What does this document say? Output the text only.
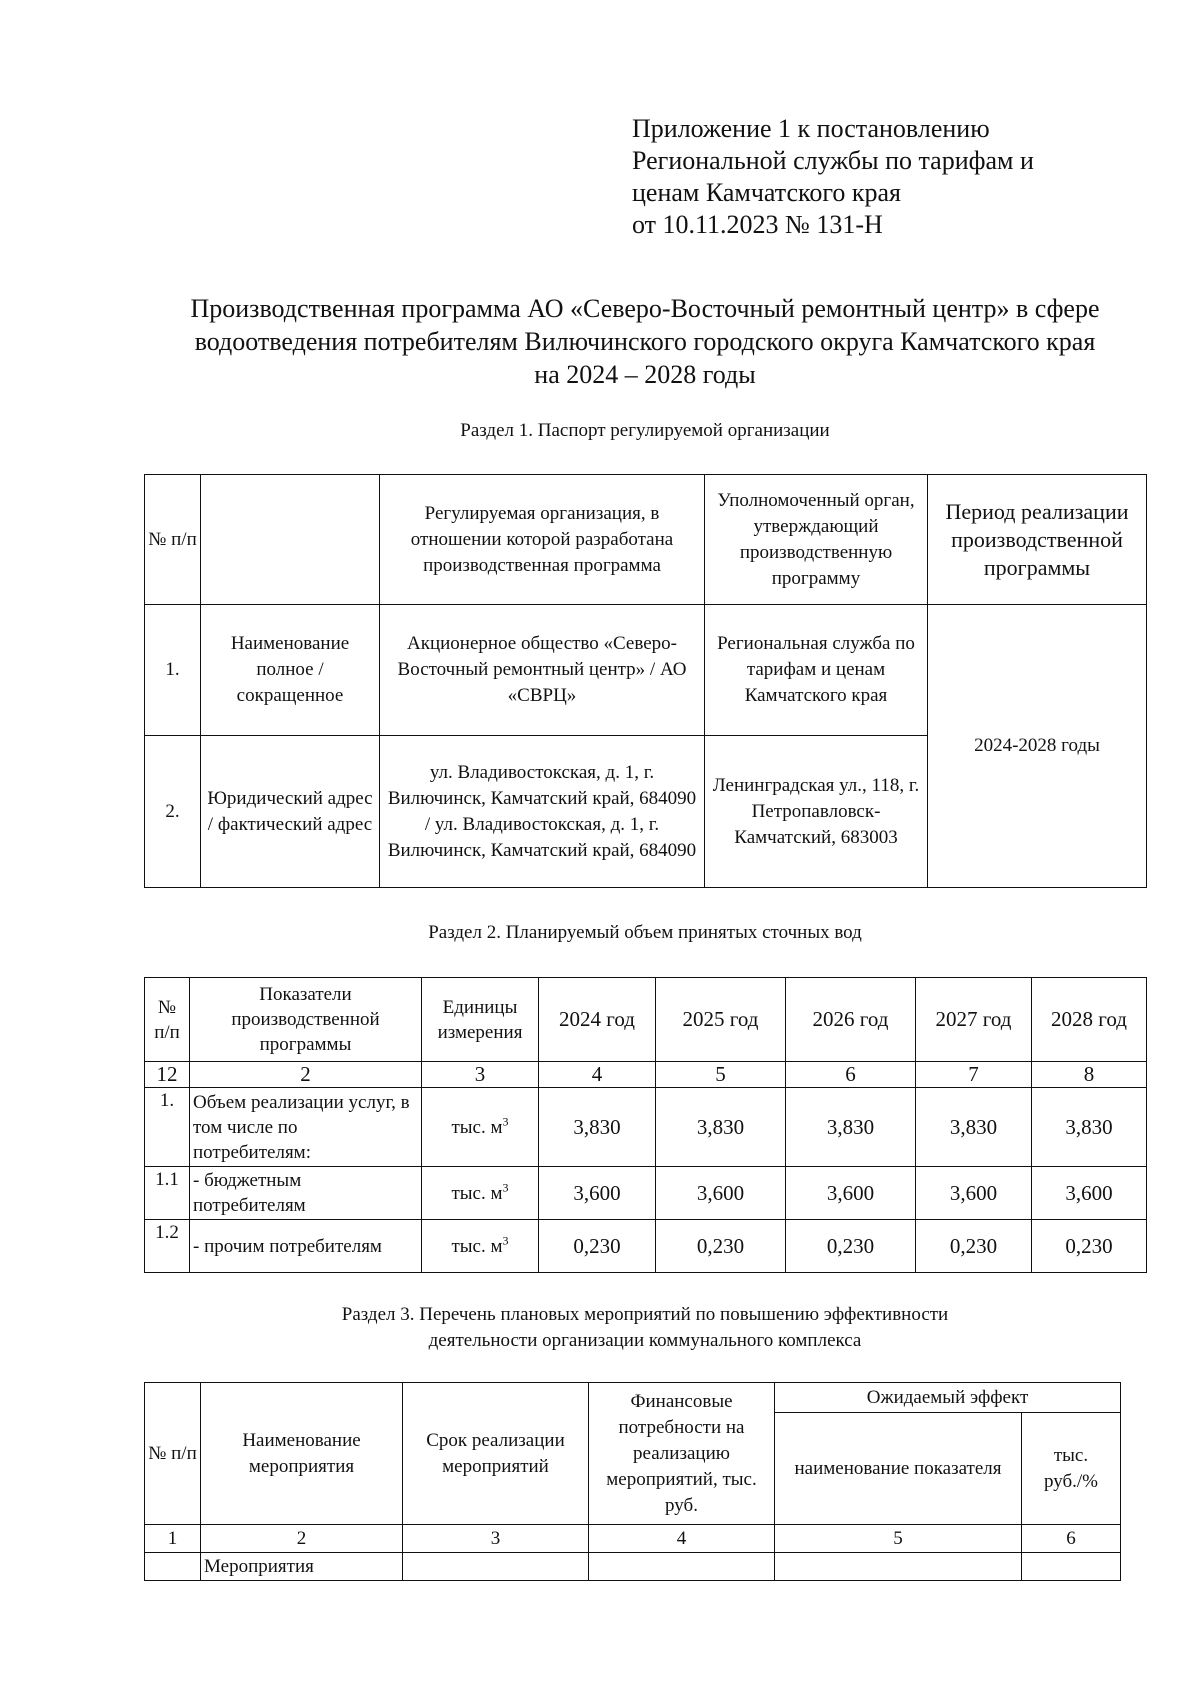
Приложение 1 к постановлению
Региональной службы по тарифам и
ценам Камчатского края
от 10.11.2023 № 131-Н
Производственная программа АО «Северо-Восточный ремонтный центр» в сфере
водоотведения потребителям Вилючинского городского округа Камчатского края
на 2024 – 2028 годы
Раздел 1. Паспорт регулируемой организации
№ п/п		Регулируемая организация, в отношении которой разработана производственная программа	Уполномоченный орган, утверждающий производственную программу	Период реализации производственной программы
1.	Наименование полное / сокращенное	Акционерное общество «Северо-Восточный ремонтный центр» / АО «СВРЦ»	Региональная служба по тарифам и ценам Камчатского края	2024-2028 годы
2.	Юридический адрес / фактический адрес	ул. Владивостокская, д. 1, г. Вилючинск, Камчатский край, 684090 / ул. Владивостокская, д. 1, г. Вилючинск, Камчатский край, 684090	Ленинградская ул., 118, г. Петропавловск-Камчатский, 683003	
Раздел 2. Планируемый объем принятых сточных вод
№ п/п	Показатели производственной программы	Единицы измерения	2024 год	2025 год	2026 год	2027 год	2028 год
12	2	3	4	5	6	7	8
1.	Объем реализации услуг, в том числе по потребителям:	тыс. $м^3$	3,830	3,830	3,830	3,830	3,830
1.1	- бюджетным потребителям	тыс. $м^3$	3,600	3,600	3,600	3,600	3,600
1.2	- прочим потребителям	тыс. $м^3$	0,230	0,230	0,230	0,230	0,230
Раздел 3. Перечень плановых мероприятий по повышению эффективности
деятельности организации коммунального комплекса
№ п/п	Наименование мероприятия	Срок реализации мероприятий	Финансовые потребности на реализацию мероприятий, тыс. руб.	Ожидаемый эффект	
				наименование показателя	тыс. руб./%
1	2	3	4	5	6
	Мероприятия				
